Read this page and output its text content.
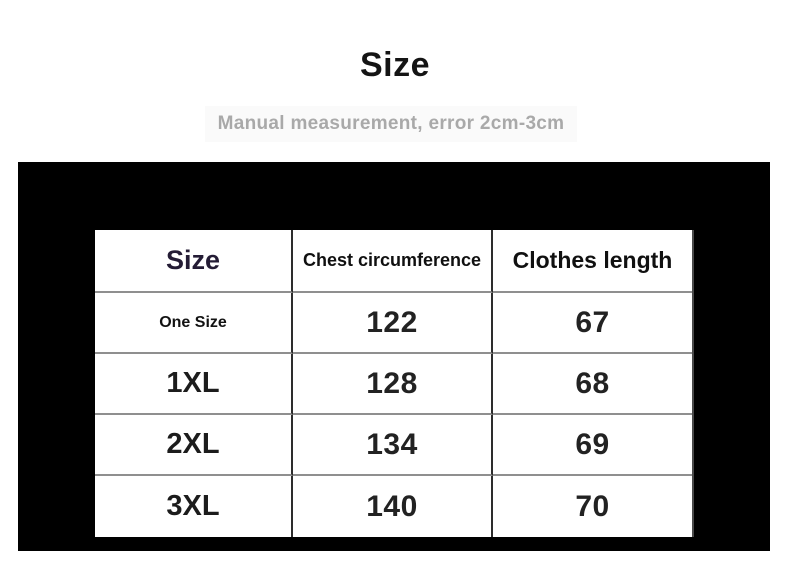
Size
Manual measurement, error 2cm-3cm
Size	Chest circumference	Clothes length
One Size	122	67
1XL	128	68
2XL	134	69
3XL	140	70
